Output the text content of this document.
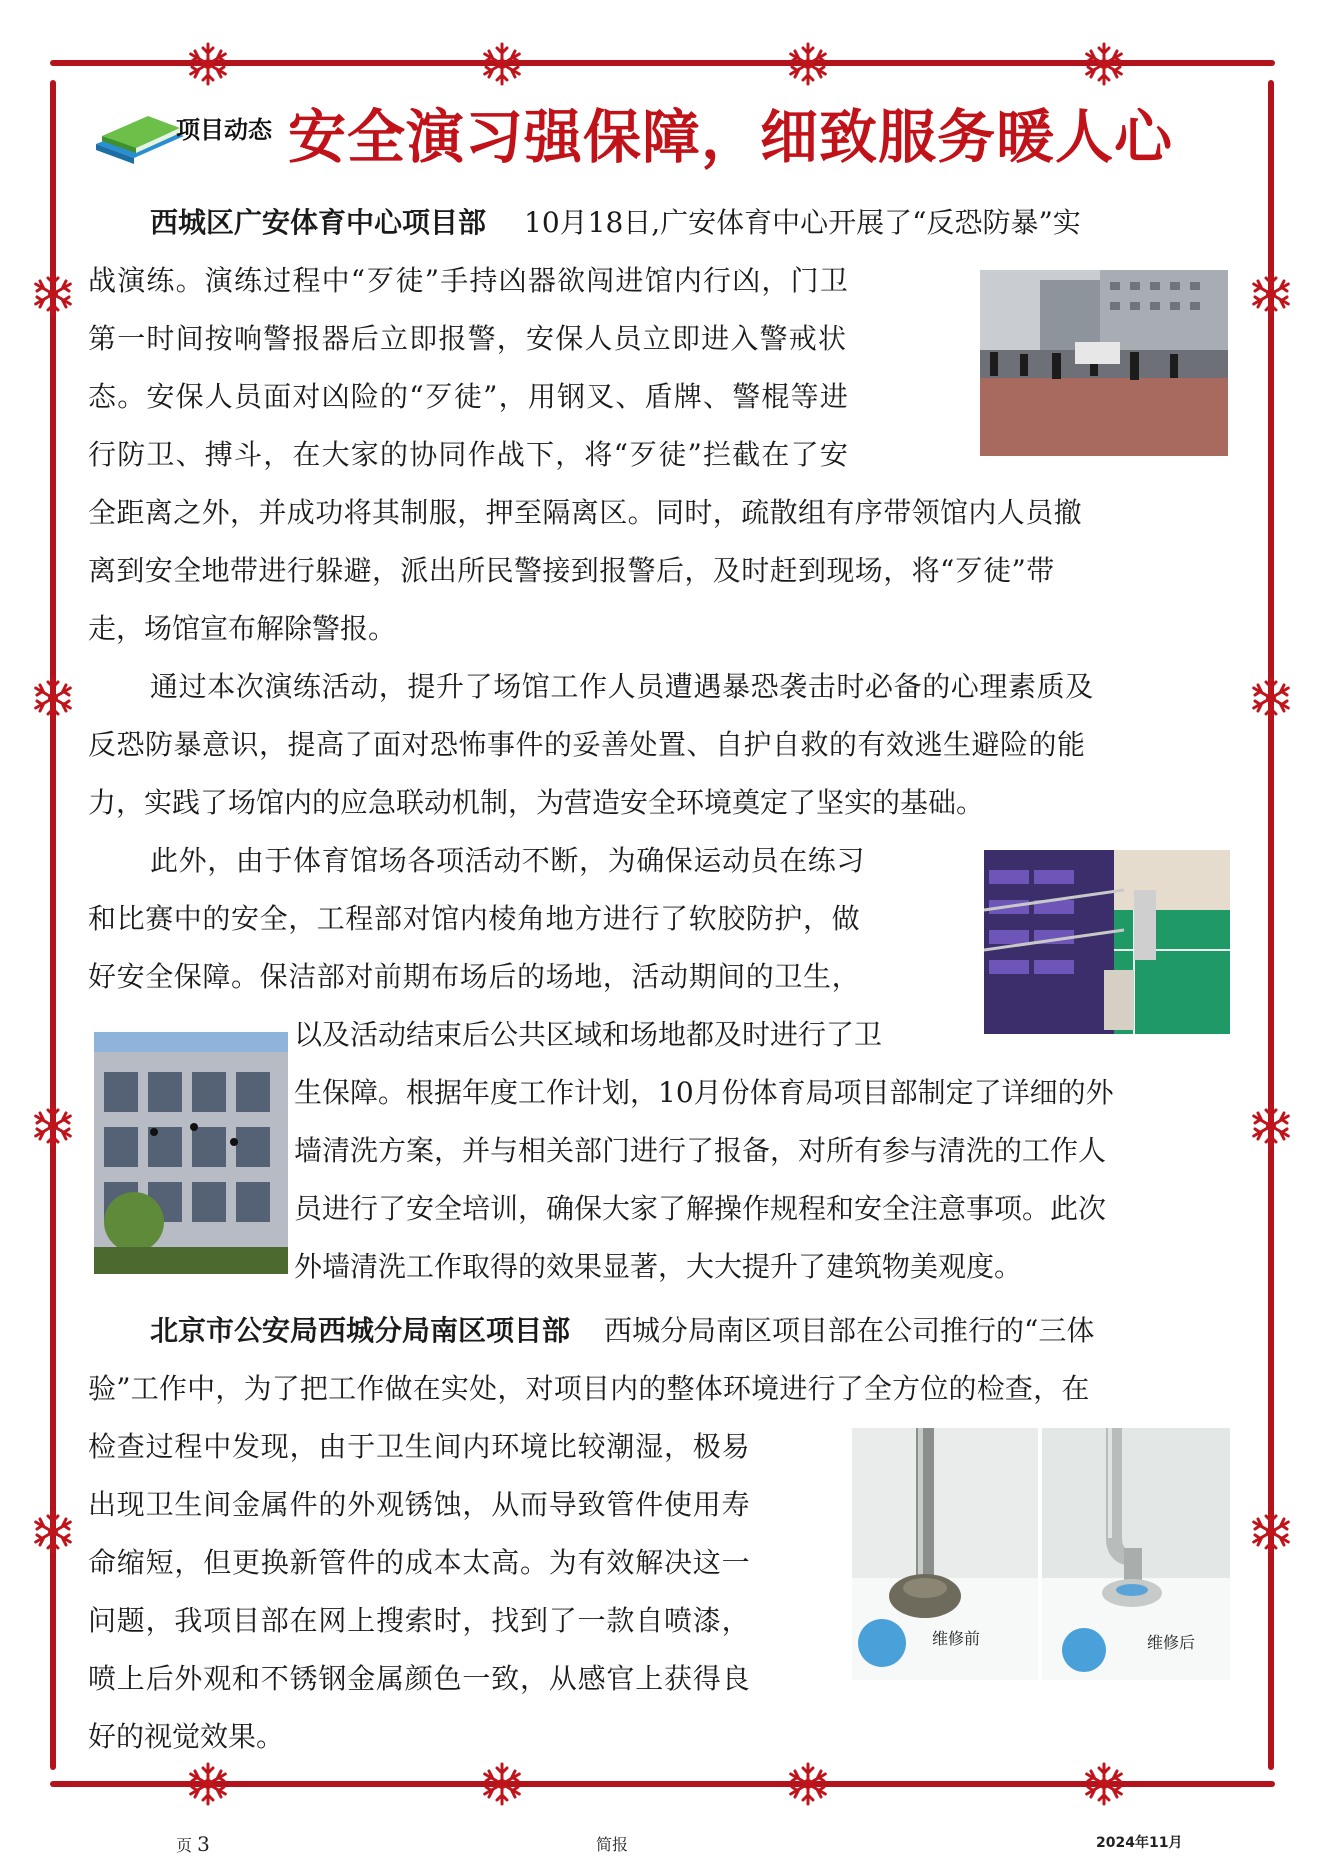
项目动态 安全演习强保障，细致服务暖人心
维修前	维修后
西城区广安体育中心项目部 10月18日,广安体育中心开展了“反恐防暴”实
战演练。演练过程中“歹徒”手持凶器欲闯进馆内行凶，门卫
第一时间按响警报器后立即报警，安保人员立即进入警戒状
态。安保人员面对凶险的“歹徒”，用钢叉、盾牌、警棍等进
行防卫、搏斗，在大家的协同作战下，将“歹徒”拦截在了安
全距离之外，并成功将其制服，押至隔离区。同时，疏散组有序带领馆内人员撤
离到安全地带进行躲避，派出所民警接到报警后，及时赶到现场，将“歹徒”带
走，场馆宣布解除警报。
通过本次演练活动，提升了场馆工作人员遭遇暴恐袭击时必备的心理素质及
反恐防暴意识，提高了面对恐怖事件的妥善处置、自护自救的有效逃生避险的能
力，实践了场馆内的应急联动机制，为营造安全环境奠定了坚实的基础。
此外，由于体育馆场各项活动不断，为确保运动员在练习
和比赛中的安全，工程部对馆内棱角地方进行了软胶防护，做
好安全保障。保洁部对前期布场后的场地，活动期间的卫生，
以及活动结束后公共区域和场地都及时进行了卫
生保障。根据年度工作计划，10月份体育局项目部制定了详细的外
墙清洗方案，并与相关部门进行了报备，对所有参与清洗的工作人
员进行了安全培训，确保大家了解操作规程和安全注意事项。此次
外墙清洗工作取得的效果显著，大大提升了建筑物美观度。
北京市公安局西城分局南区项目部 西城分局南区项目部在公司推行的“三体
验”工作中，为了把工作做在实处，对项目内的整体环境进行了全方位的检查，在
检查过程中发现，由于卫生间内环境比较潮湿，极易
出现卫生间金属件的外观锈蚀，从而导致管件使用寿
命缩短，但更换新管件的成本太高。为有效解决这一
问题，我项目部在网上搜索时，找到了一款自喷漆，
喷上后外观和不锈钢金属颜色一致，从感官上获得良
好的视觉效果。
页 3	简报	2024年11月
